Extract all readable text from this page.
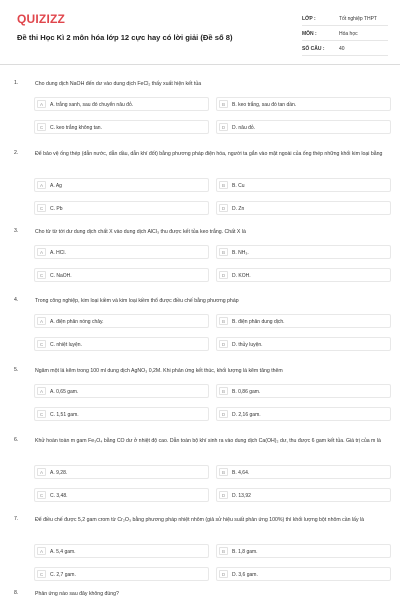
QUIZIZZ
Đề thi Học Kì 2 môn hóa lớp 12 cực hay có lời giải (Đề số 8)
LỚP :	Tốt nghiệp THPT
MÔN :	Hóa học
SỐ CÂU :	40
1.	Cho dung dịch NaOH đến dư vào dung dịch FeCl₂ thấy xuất hiện kết tủa
A	A. trắng xanh, sau đó chuyển nâu đỏ.	B	B. keo trắng, sau đó tan dần.
C	C. keo trắng không tan.	D	D. nâu đỏ.
2.	Để bảo vệ ống thép (dẫn nước, dẫn dầu, dẫn khí đốt) bằng phương pháp điện hóa, người ta gắn vào mặt ngoài của ống thép những khối kim loại bằng
A	A. Ag	B	B. Cu
C	C. Pb	D	D. Zn
3.	Cho từ từ tới dư dung dịch chất X vào dung dịch AlCl₃ thu được kết tủa keo trắng. Chất X là
A	A. HCl.	B	B. NH₃.
C	C. NaOH.	D	D. KOH.
4.	Trong công nghiệp, kim loại kiềm và kim loại kiềm thổ được điều chế bằng phương pháp
A	A. điện phân nóng chảy.	B	B. điện phân dung dịch.
C	C. nhiệt luyện.	D	D. thủy luyện.
5.	Ngâm một lá kẽm trong 100 ml dung dịch AgNO₃ 0,2M. Khi phản ứng kết thúc, khối lượng lá kẽm tăng thêm
A	A. 0,65 gam.	B	B. 0,86 gam.
C	C. 1,51 gam.	D	D. 2,16 gam.
6.	Khử hoàn toàn m gam Fe₃O₄ bằng CO dư ở nhiệt độ cao. Dẫn toàn bộ khí sinh ra vào dung dịch Ca(OH)₂ dư, thu được 6 gam kết tủa. Giá trị của m là
A	A. 9,28.	B	B. 4,64.
C	C. 3,48.	D	D. 13,92
7.	Để điều chế được 5,2 gam crom từ Cr₂O₃ bằng phương pháp nhiệt nhôm (giả sử hiệu suất phản ứng 100%) thì khối lượng bột nhôm cần lấy là
A	A. 5,4 gam.	B	B. 1,8 gam.
C	C. 2,7 gam.	D	D. 3,6 gam.
8.	Phản ứng nào sau đây không đúng?
